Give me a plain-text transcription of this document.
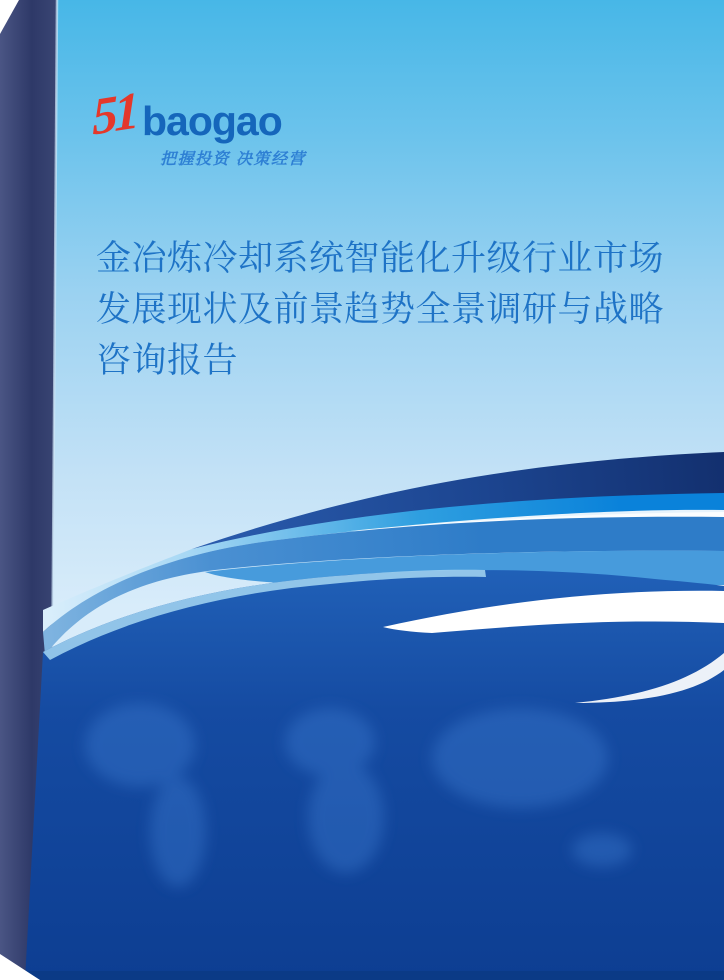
51 baogao
把握投资 决策经营
金冶炼冷却系统智能化升级行业市场
发展现状及前景趋势全景调研与战略
咨询报告
